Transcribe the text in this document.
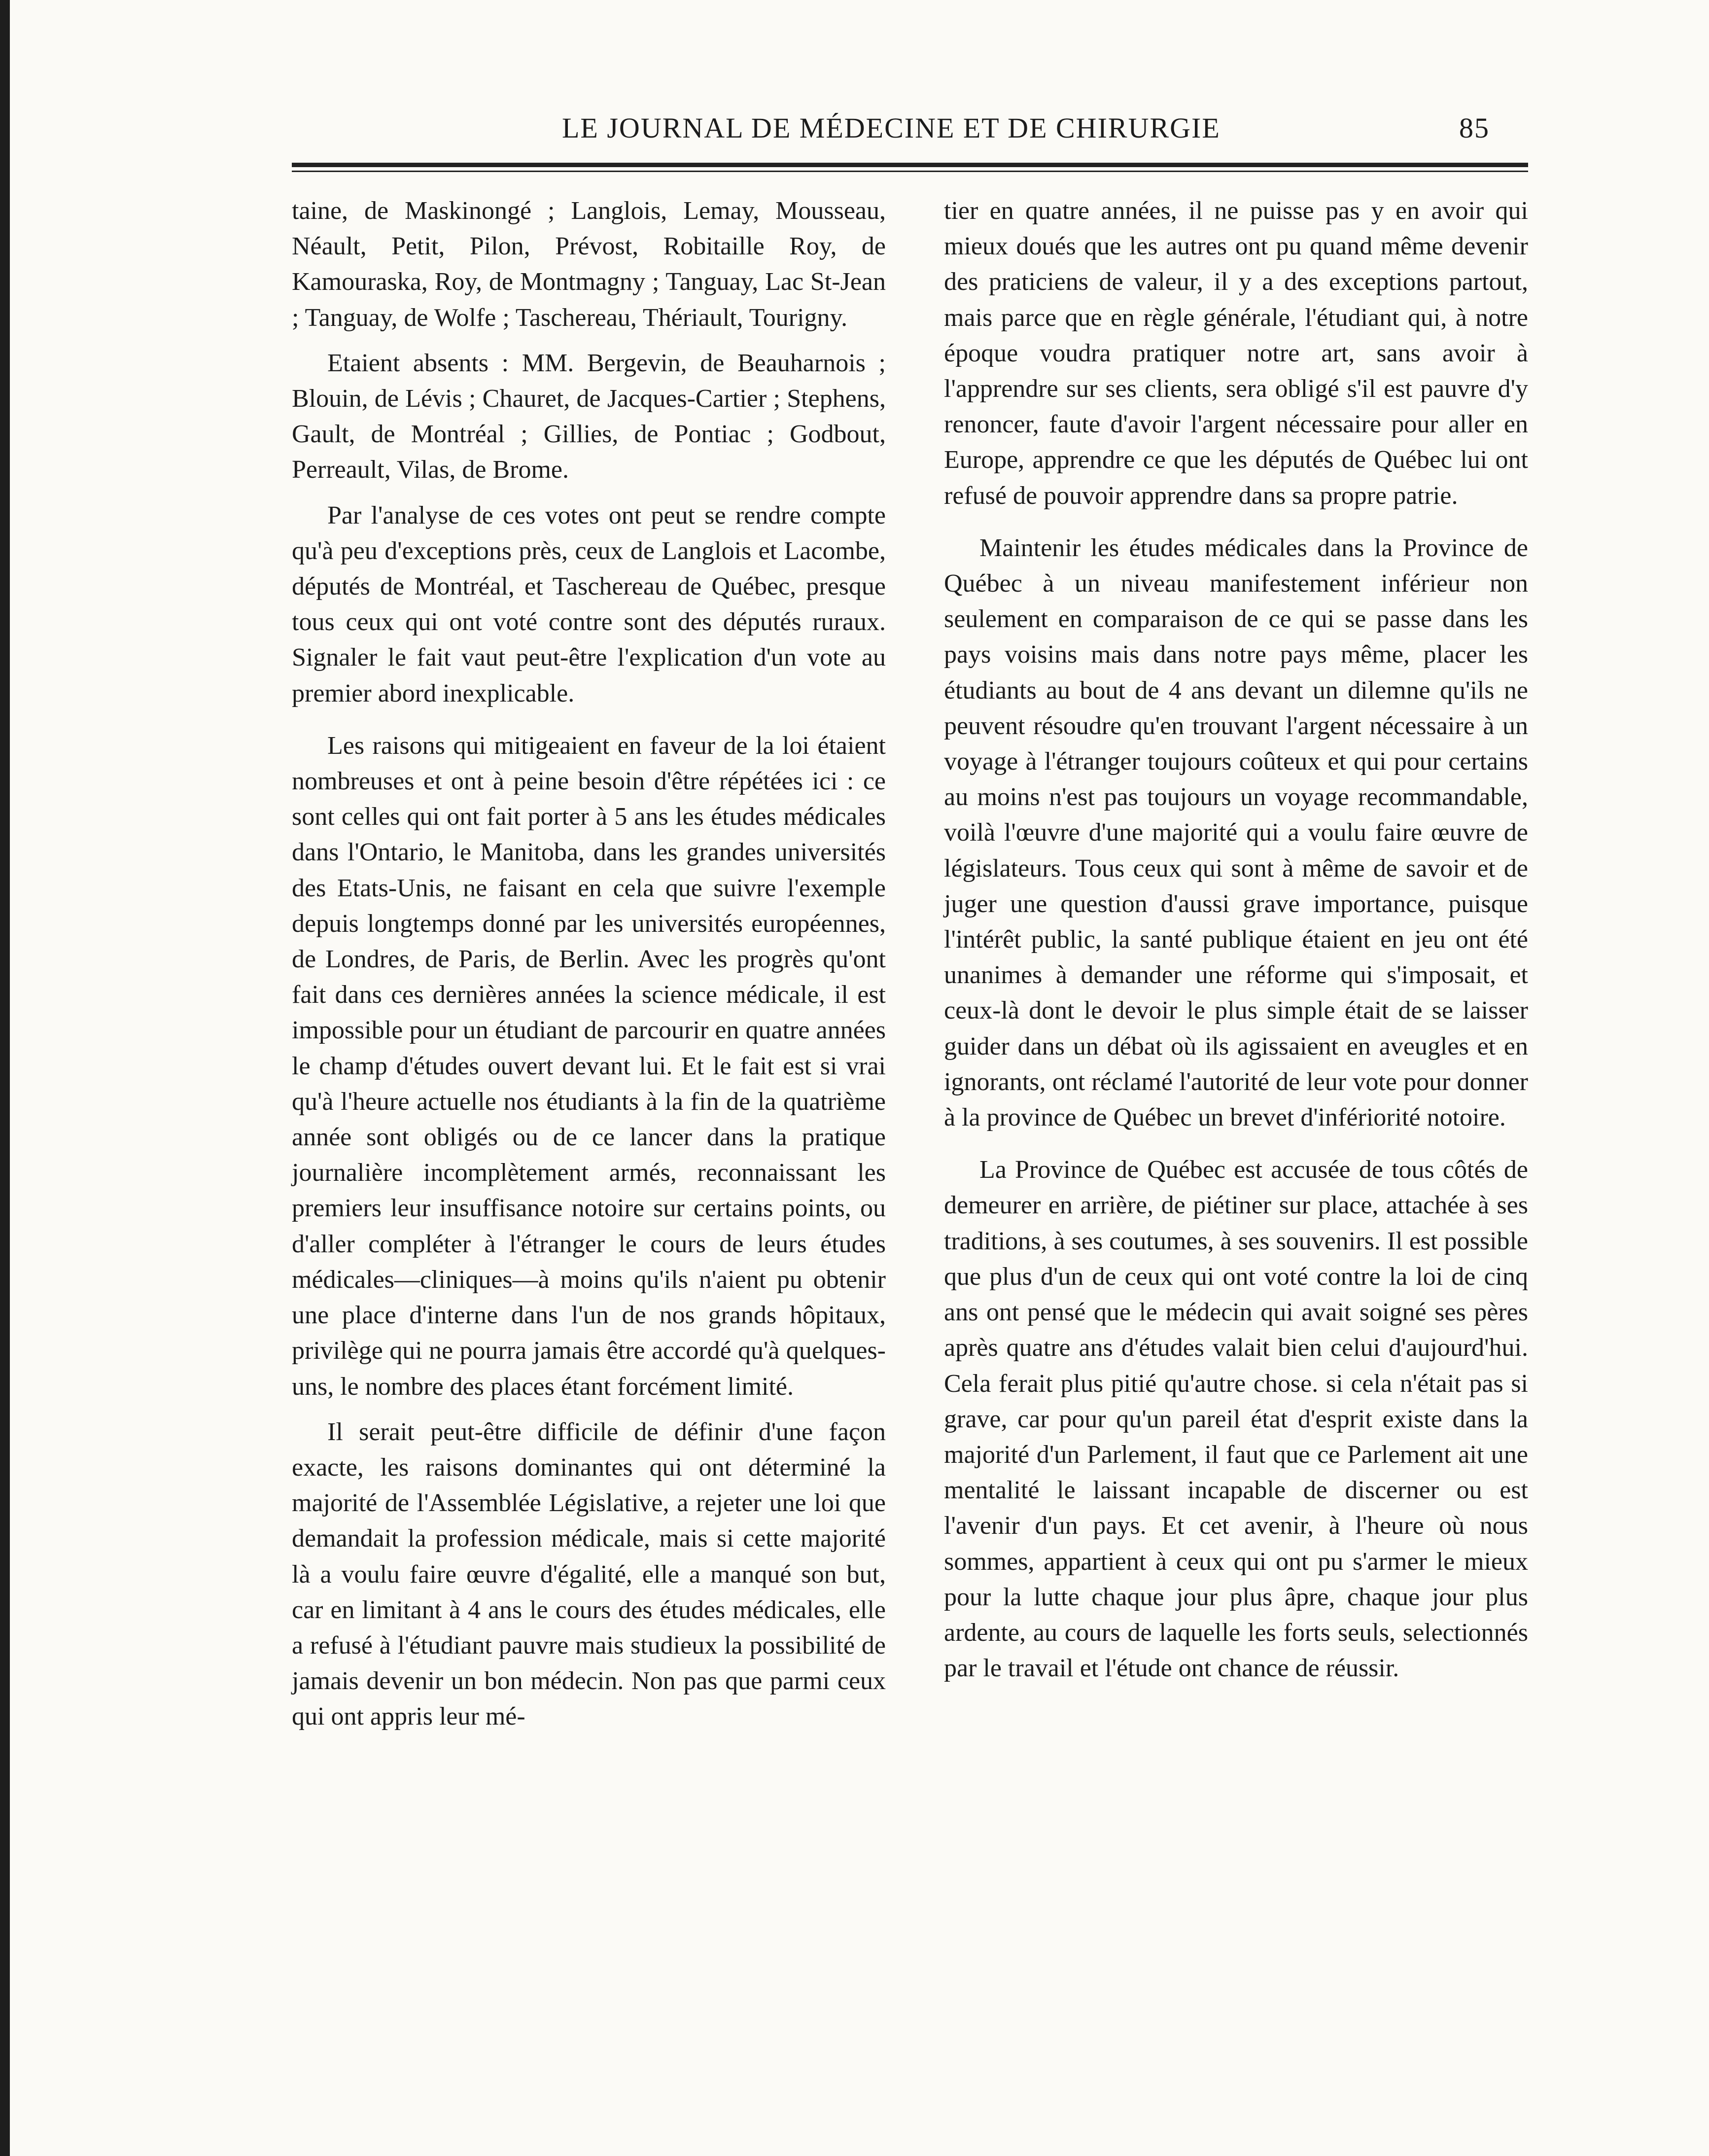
LE JOURNAL DE MÉDECINE ET DE CHIRURGIE	85

taine, de Maskinongé ; Langlois, Lemay, Mousseau, Néault, Petit, Pilon, Prévost, Robitaille Roy, de Kamouraska, Roy, de Montmagny ; Tanguay, Lac St-Jean ; Tanguay, de Wolfe ; Taschereau, Thériault, Tourigny.

Etaient absents : MM. Bergevin, de Beauharnois ; Blouin, de Lévis ; Chauret, de Jacques-Cartier ; Stephens, Gault, de Montréal ; Gillies, de Pontiac ; Godbout, Perreault, Vilas, de Brome.

Par l'analyse de ces votes ont peut se rendre compte qu'à peu d'exceptions près, ceux de Langlois et Lacombe, députés de Montréal, et Taschereau de Québec, presque tous ceux qui ont voté contre sont des députés ruraux. Signaler le fait vaut peut-être l'explication d'un vote au premier abord inexplicable.

Les raisons qui mitigeaient en faveur de la loi étaient nombreuses et ont à peine besoin d'être répétées ici : ce sont celles qui ont fait porter à 5 ans les études médicales dans l'Ontario, le Manitoba, dans les grandes universités des Etats-Unis, ne faisant en cela que suivre l'exemple depuis longtemps donné par les universités européennes, de Londres, de Paris, de Berlin. Avec les progrès qu'ont fait dans ces dernières années la science médicale, il est impossible pour un étudiant de parcourir en quatre années le champ d'études ouvert devant lui. Et le fait est si vrai qu'à l'heure actuelle nos étudiants à la fin de la quatrième année sont obligés ou de ce lancer dans la pratique journalière incomplètement armés, reconnaissant les premiers leur insuffisance notoire sur certains points, ou d'aller compléter à l'étranger le cours de leurs études médicales—cliniques—à moins qu'ils n'aient pu obtenir une place d'interne dans l'un de nos grands hôpitaux, privilège qui ne pourra jamais être accordé qu'à quelques-uns, le nombre des places étant forcément limité.

Il serait peut-être difficile de définir d'une façon exacte, les raisons dominantes qui ont déterminé la majorité de l'Assemblée Législative, a rejeter une loi que demandait la profession médicale, mais si cette majorité là a voulu faire œuvre d'égalité, elle a manqué son but, car en limitant à 4 ans le cours des études médicales, elle a refusé à l'étudiant pauvre mais studieux la possibilité de jamais devenir un bon médecin. Non pas que parmi ceux qui ont appris leur mé-

tier en quatre années, il ne puisse pas y en avoir qui mieux doués que les autres ont pu quand même devenir des praticiens de valeur, il y a des exceptions partout, mais parce que en règle générale, l'étudiant qui, à notre époque voudra pratiquer notre art, sans avoir à l'apprendre sur ses clients, sera obligé s'il est pauvre d'y renoncer, faute d'avoir l'argent nécessaire pour aller en Europe, apprendre ce que les députés de Québec lui ont refusé de pouvoir apprendre dans sa propre patrie.

Maintenir les études médicales dans la Province de Québec à un niveau manifestement inférieur non seulement en comparaison de ce qui se passe dans les pays voisins mais dans notre pays même, placer les étudiants au bout de 4 ans devant un dilemne qu'ils ne peuvent résoudre qu'en trouvant l'argent nécessaire à un voyage à l'étranger toujours coûteux et qui pour certains au moins n'est pas toujours un voyage recommandable, voilà l'œuvre d'une majorité qui a voulu faire œuvre de législateurs. Tous ceux qui sont à même de savoir et de juger une question d'aussi grave importance, puisque l'intérêt public, la santé publique étaient en jeu ont été unanimes à demander une réforme qui s'imposait, et ceux-là dont le devoir le plus simple était de se laisser guider dans un débat où ils agissaient en aveugles et en ignorants, ont réclamé l'autorité de leur vote pour donner à la province de Québec un brevet d'infériorité notoire.

La Province de Québec est accusée de tous côtés de demeurer en arrière, de piétiner sur place, attachée à ses traditions, à ses coutumes, à ses souvenirs. Il est possible que plus d'un de ceux qui ont voté contre la loi de cinq ans ont pensé que le médecin qui avait soigné ses pères après quatre ans d'études valait bien celui d'aujourd'hui. Cela ferait plus pitié qu'autre chose. si cela n'était pas si grave, car pour qu'un pareil état d'esprit existe dans la majorité d'un Parlement, il faut que ce Parlement ait une mentalité le laissant incapable de discerner ou est l'avenir d'un pays. Et cet avenir, à l'heure où nous sommes, appartient à ceux qui ont pu s'armer le mieux pour la lutte chaque jour plus âpre, chaque jour plus ardente, au cours de laquelle les forts seuls, selectionnés par le travail et l'étude ont chance de réussir.
